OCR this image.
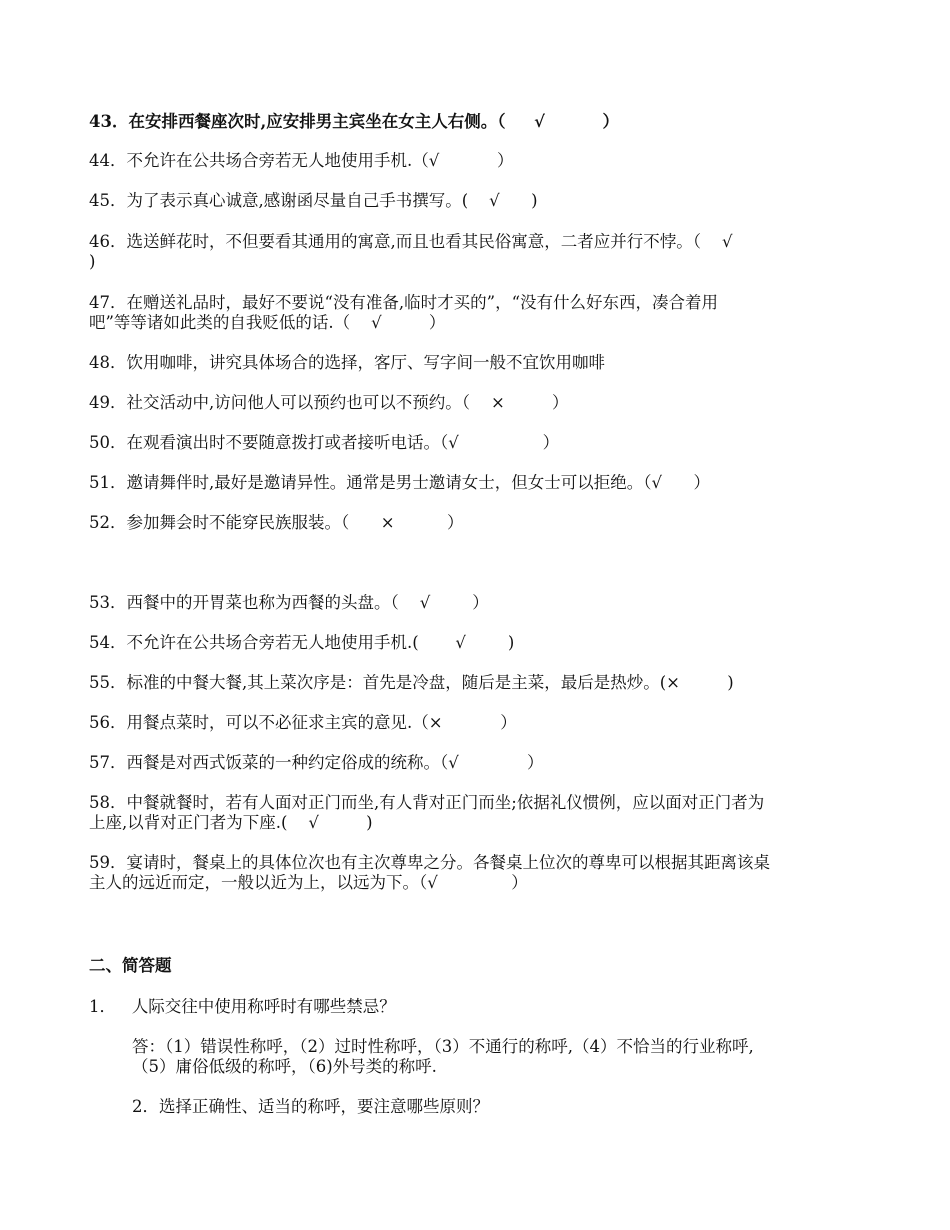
43．在安排西餐座次时,应安排男主宾坐在女主人右侧。（     √          ）
44．不允许在公共场合旁若无人地使用手机.（√           ）
45．为了表示真心诚意,感谢函尽量自己手书撰写。(    √      )
46．选送鲜花时，不但要看其通用的寓意,而且也看其民俗寓意，二者应并行不悖。（    √
)
47．在赠送礼品时，最好不要说“没有准备,临时才买的”，“没有什么好东西，凑合着用
吧”等等诸如此类的自我贬低的话.（    √         ）
48．饮用咖啡，讲究具体场合的选择，客厅、写字间一般不宜饮用咖啡
49．社交活动中,访问他人可以预约也可以不预约。（    ×         ）
50．在观看演出时不要随意拨打或者接听电话。（√                ）
51．邀请舞伴时,最好是邀请异性。通常是男士邀请女士，但女士可以拒绝。（√      ）
52．参加舞会时不能穿民族服装。（      ×          ）
53．西餐中的开胃菜也称为西餐的头盘。（    √        ）
54．不允许在公共场合旁若无人地使用手机.(       √        )
55．标准的中餐大餐,其上菜次序是：首先是冷盘，随后是主菜，最后是热炒。(×         )
56．用餐点菜时，可以不必征求主宾的意见.（×           ）
57．西餐是对西式饭菜的一种约定俗成的统称。（√             ）
58．中餐就餐时，若有人面对正门而坐,有人背对正门而坐;依据礼仪惯例，应以面对正门者为
上座,以背对正门者为下座.(    √         )
59．宴请时，餐桌上的具体位次也有主次尊卑之分。各餐桌上位次的尊卑可以根据其距离该桌
主人的远近而定，一般以近为上，以远为下。（√              ）
二、简答题
1．   人际交往中使用称呼时有哪些禁忌？
答：（1）错误性称呼，（2）过时性称呼，（3）不通行的称呼,（4）不恰当的行业称呼,
（5）庸俗低级的称呼，（6)外号类的称呼.
2．选择正确性、适当的称呼，要注意哪些原则？
